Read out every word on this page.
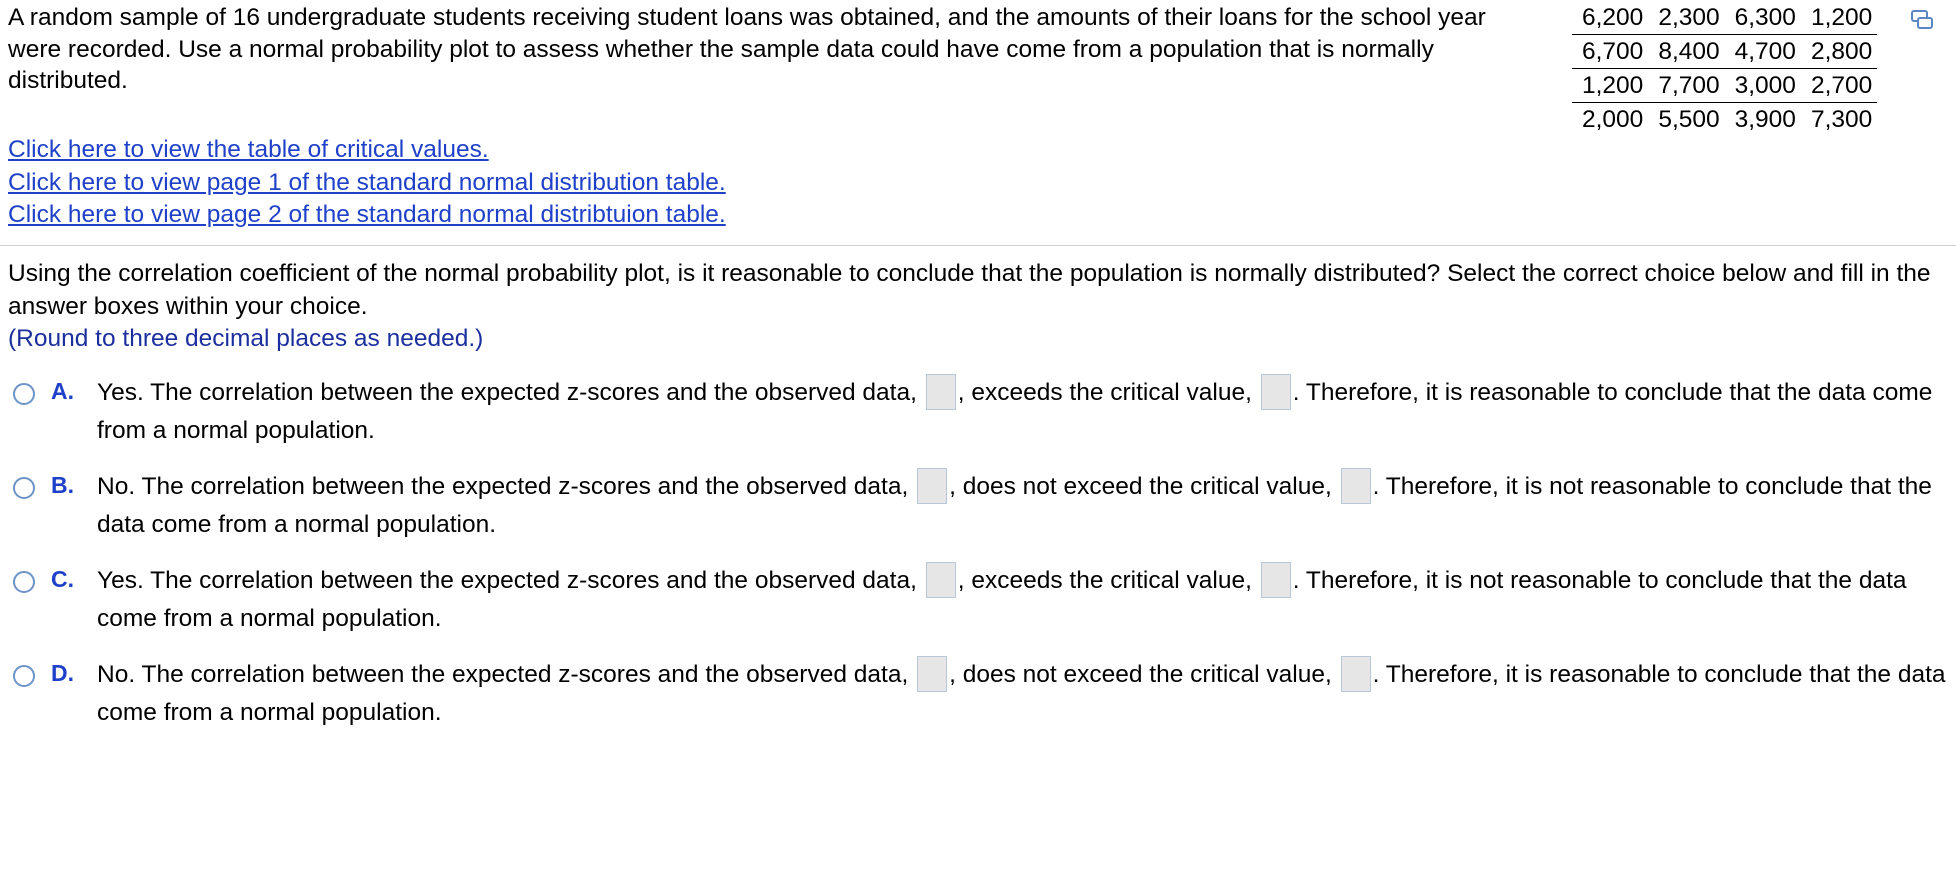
A random sample of 16 undergraduate students receiving student loans was obtained, and the amounts of their loans for the school year were recorded. Use a normal probability plot to assess whether the sample data could have come from a population that is normally distributed.
6,200	2,300	6,300	1,200
6,700	8,400	4,700	2,800
1,200	7,700	3,000	2,700
2,000	5,500	3,900	7,300
Click here to view the table of critical values.
Click here to view page 1 of the standard normal distribution table.
Click here to view page 2 of the standard normal distribtuion table.
Using the correlation coefficient of the normal probability plot, is it reasonable to conclude that the population is normally distributed? Select the correct choice below and fill in the answer boxes within your choice.
(Round to three decimal places as needed.)
A. Yes. The correlation between the expected z-scores and the observed data, , exceeds the critical value, . Therefore, it is reasonable to conclude that the data come from a normal population.
B. No. The correlation between the expected z-scores and the observed data, , does not exceed the critical value, . Therefore, it is not reasonable to conclude that the data come from a normal population.
C. Yes. The correlation between the expected z-scores and the observed data, , exceeds the critical value, . Therefore, it is not reasonable to conclude that the data come from a normal population.
D. No. The correlation between the expected z-scores and the observed data, , does not exceed the critical value, . Therefore, it is reasonable to conclude that the data come from a normal population.
